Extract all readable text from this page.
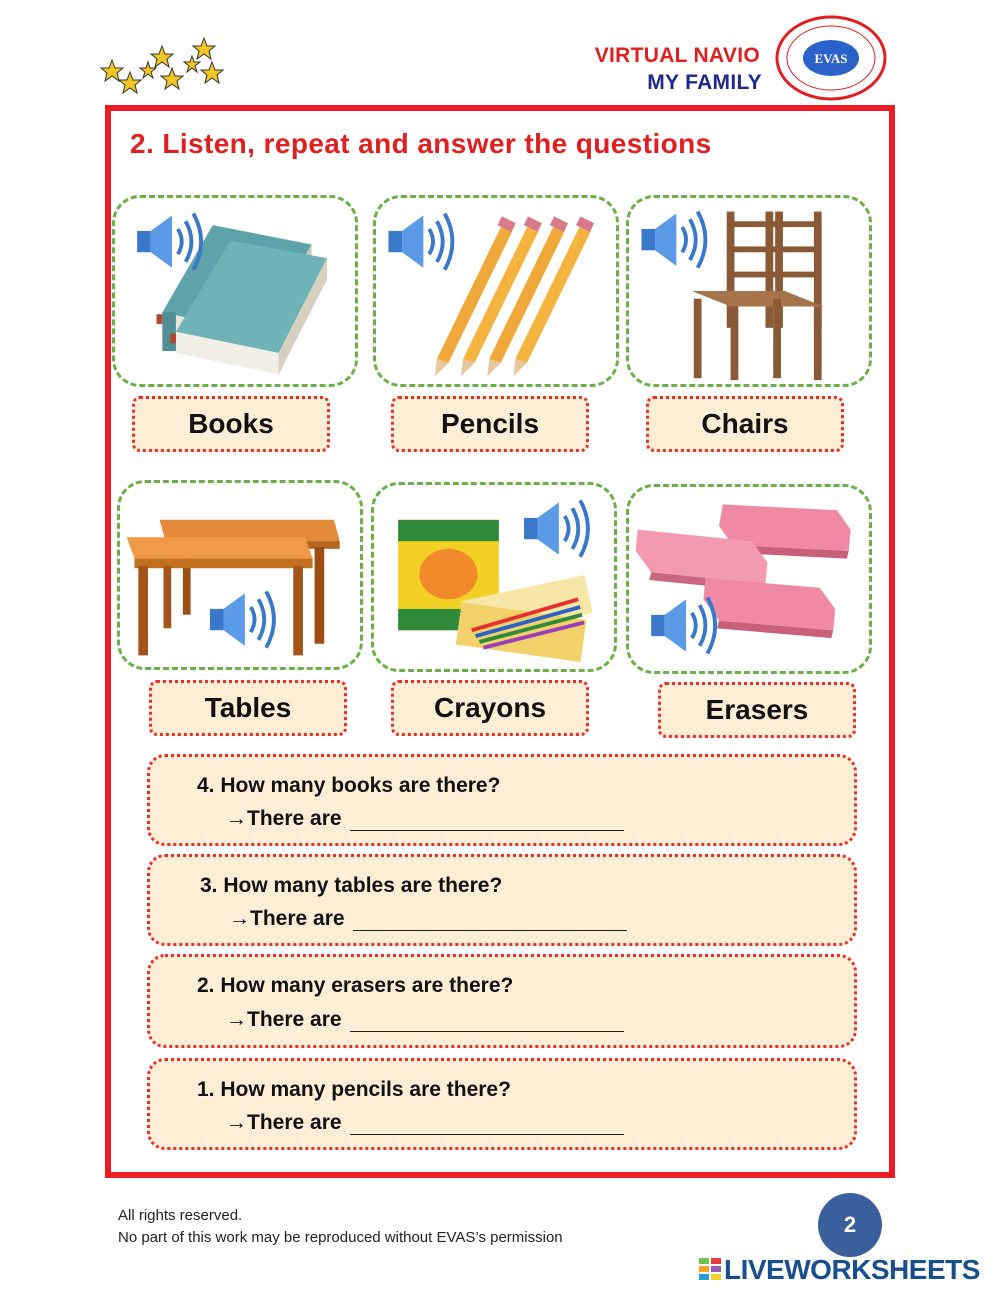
VIRTUAL NAVIO
MY FAMILY
EVAS
2. Listen, repeat and answer the questions
Books	Pencils	Chairs
Tables	Crayons	Erasers
4. How many books are there?
→There are
3. How many tables are there?
→There are
2. How many erasers are there?
→There are
1. How many pencils are there?
→There are
All rights reserved.
No part of this work may be reproduced without EVAS’s permission
2
LIVEWORKSHEETS
